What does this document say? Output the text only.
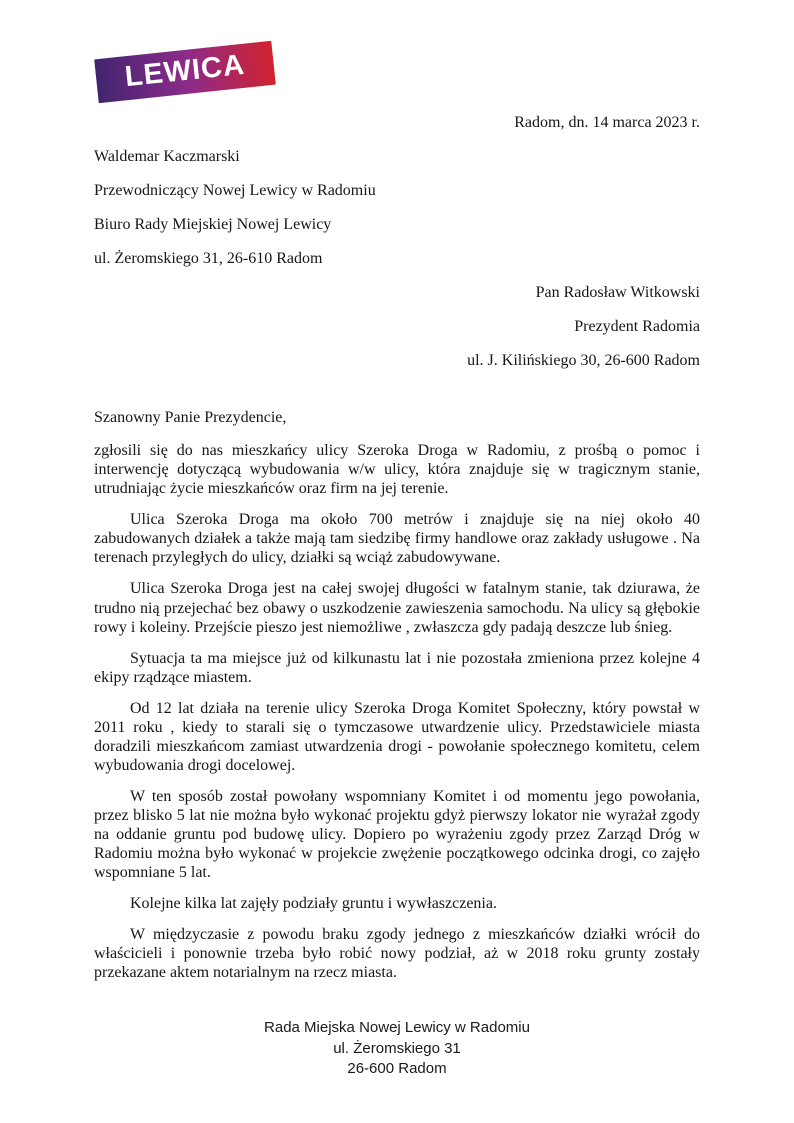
LEWICA

Radom, dn. 14 marca 2023 r.

Waldemar Kaczmarski

Przewodniczący Nowej Lewicy w Radomiu

Biuro Rady Miejskiej Nowej Lewicy

ul. Żeromskiego 31, 26-610 Radom

Pan Radosław Witkowski

Prezydent Radomia

ul. J. Kilińskiego 30, 26-600 Radom

Szanowny Panie Prezydencie,

zgłosili się do nas mieszkańcy ulicy Szeroka Droga w Radomiu, z prośbą o pomoc i interwencję dotyczącą wybudowania w/w ulicy, która znajduje się w tragicznym stanie, utrudniając życie mieszkańców oraz firm na jej terenie.

Ulica Szeroka Droga ma około 700 metrów i znajduje się na niej około 40 zabudowanych działek a także mają tam siedzibę firmy handlowe oraz zakłady usługowe . Na terenach przyległych do ulicy, działki są wciąż zabudowywane.

Ulica Szeroka Droga jest na całej swojej długości w fatalnym stanie, tak dziurawa, że trudno nią przejechać bez obawy o uszkodzenie zawieszenia samochodu. Na ulicy są głębokie rowy i koleiny. Przejście pieszo jest niemożliwe , zwłaszcza gdy padają deszcze lub śnieg.

Sytuacja ta ma miejsce już od kilkunastu lat i nie pozostała zmieniona przez kolejne 4 ekipy rządzące miastem.

Od 12 lat działa na terenie ulicy Szeroka Droga Komitet Społeczny, który powstał w 2011 roku , kiedy to starali się o tymczasowe utwardzenie ulicy. Przedstawiciele miasta doradzili mieszkańcom zamiast utwardzenia drogi - powołanie społecznego komitetu, celem wybudowania drogi docelowej.

W ten sposób został powołany wspomniany Komitet i od momentu jego powołania, przez blisko 5 lat nie można było wykonać projektu gdyż pierwszy lokator nie wyrażał zgody na oddanie gruntu pod budowę ulicy. Dopiero po wyrażeniu zgody przez Zarząd Dróg w Radomiu można było wykonać w projekcie zwężenie początkowego odcinka drogi, co zajęło wspomniane 5 lat.

Kolejne kilka lat zajęły podziały gruntu i wywłaszczenia.

W międzyczasie z powodu braku zgody jednego z mieszkańców działki wrócił do właścicieli i ponownie trzeba było robić nowy podział, aż w 2018 roku grunty zostały przekazane aktem notarialnym na rzecz miasta.

Rada Miejska Nowej Lewicy w Radomiu
ul. Żeromskiego 31
26-600 Radom
